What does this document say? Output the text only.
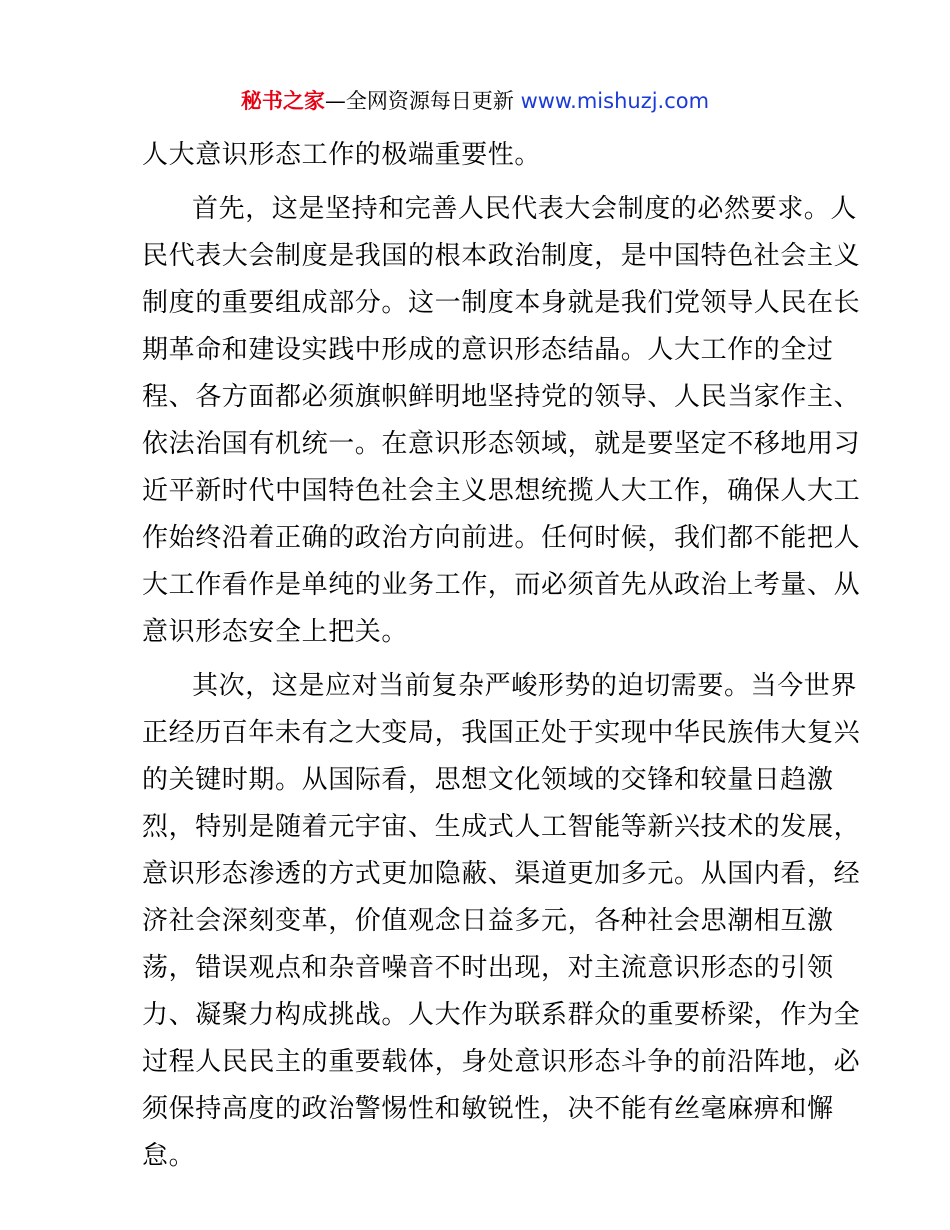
秘书之家—全网资源每日更新 www.mishuzj.com
人大意识形态工作的极端重要性。
首先，这是坚持和完善人民代表大会制度的必然要求。人
民代表大会制度是我国的根本政治制度，是中国特色社会主义
制度的重要组成部分。这一制度本身就是我们党领导人民在长
期革命和建设实践中形成的意识形态结晶。人大工作的全过
程、各方面都必须旗帜鲜明地坚持党的领导、人民当家作主、
依法治国有机统一。在意识形态领域，就是要坚定不移地用习
近平新时代中国特色社会主义思想统揽人大工作，确保人大工
作始终沿着正确的政治方向前进。任何时候，我们都不能把人
大工作看作是单纯的业务工作，而必须首先从政治上考量、从
意识形态安全上把关。
其次，这是应对当前复杂严峻形势的迫切需要。当今世界
正经历百年未有之大变局，我国正处于实现中华民族伟大复兴
的关键时期。从国际看，思想文化领域的交锋和较量日趋激
烈，特别是随着元宇宙、生成式人工智能等新兴技术的发展，
意识形态渗透的方式更加隐蔽、渠道更加多元。从国内看，经
济社会深刻变革，价值观念日益多元，各种社会思潮相互激
荡，错误观点和杂音噪音不时出现，对主流意识形态的引领
力、凝聚力构成挑战。人大作为联系群众的重要桥梁，作为全
过程人民民主的重要载体，身处意识形态斗争的前沿阵地，必
须保持高度的政治警惕性和敏锐性，决不能有丝毫麻痹和懈
怠。
